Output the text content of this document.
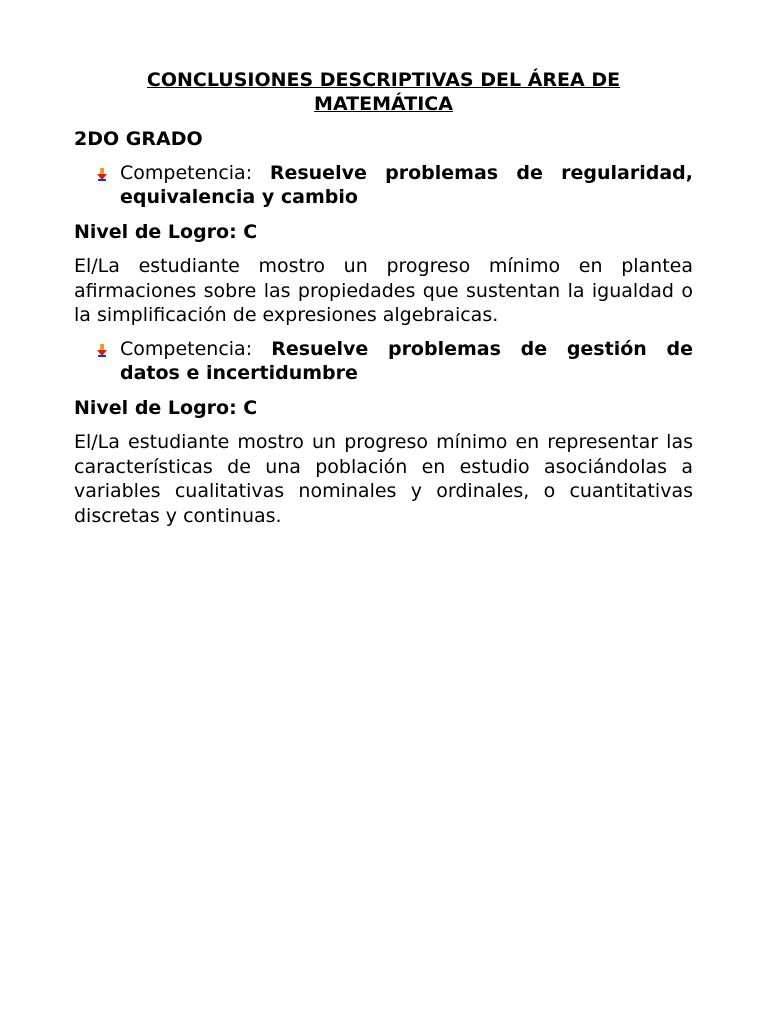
CONCLUSIONES DESCRIPTIVAS DEL ÁREA DE
MATEMÁTICA
2DO GRADO
Competencia: Resuelve problemas de regularidad, equivalencia y cambio
Nivel de Logro: C
El/La estudiante mostro un progreso mínimo en plantea afirmaciones sobre las propiedades que sustentan la igualdad o la simplificación de expresiones algebraicas.
Competencia: Resuelve problemas de gestión de datos e incertidumbre
Nivel de Logro: C
El/La estudiante mostro un progreso mínimo en representar las características de una población en estudio asociándolas a variables cualitativas nominales y ordinales, o cuantitativas discretas y continuas.
